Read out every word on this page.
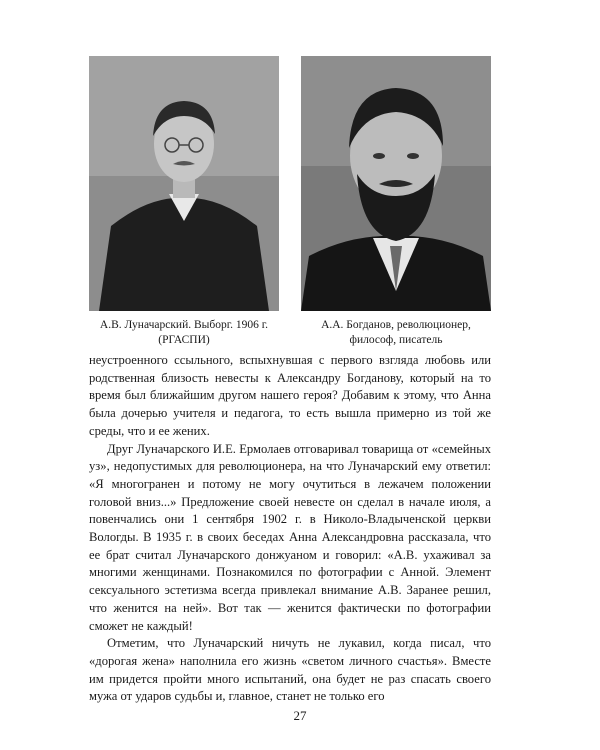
А.В. Луначарский. Выборг. 1906 г.
(РГАСПИ)
А.А. Богданов, революционер,
философ, писатель

неустроенного ссыльного, вспыхнувшая с первого взгляда любовь или родственная близость невесты к Александру Богданову, который на то время был ближайшим другом нашего героя? Добавим к этому, что Анна была дочерью учителя и педагога, то есть вышла примерно из той же среды, что и ее жених.

Друг Луначарского И.Е. Ермолаев отговаривал товарища от «семейных уз», недопустимых для революционера, на что Луначарский ему ответил: «Я многогранен и потому не могу очутиться в лежачем положении головой вниз...» Предложение своей невесте он сделал в начале июля, а повенчались они 1 сентября 1902 г. в Николо-Владыченской церкви Вологды. В 1935 г. в своих беседах Анна Александровна рассказала, что ее брат считал Луначарского донжуаном и говорил: «А.В. ухаживал за многими женщинами. Познакомился по фотографии с Анной. Элемент сексуального эстетизма всегда привлекал внимание А.В. Заранее решил, что женится на ней». Вот так — женится фактически по фотографии сможет не каждый!

Отметим, что Луначарский ничуть не лукавил, когда писал, что «дорогая жена» наполнила его жизнь «светом личного счастья». Вместе им придется пройти много испытаний, она будет не раз спасать своего мужа от ударов судьбы и, главное, станет не только его

27
